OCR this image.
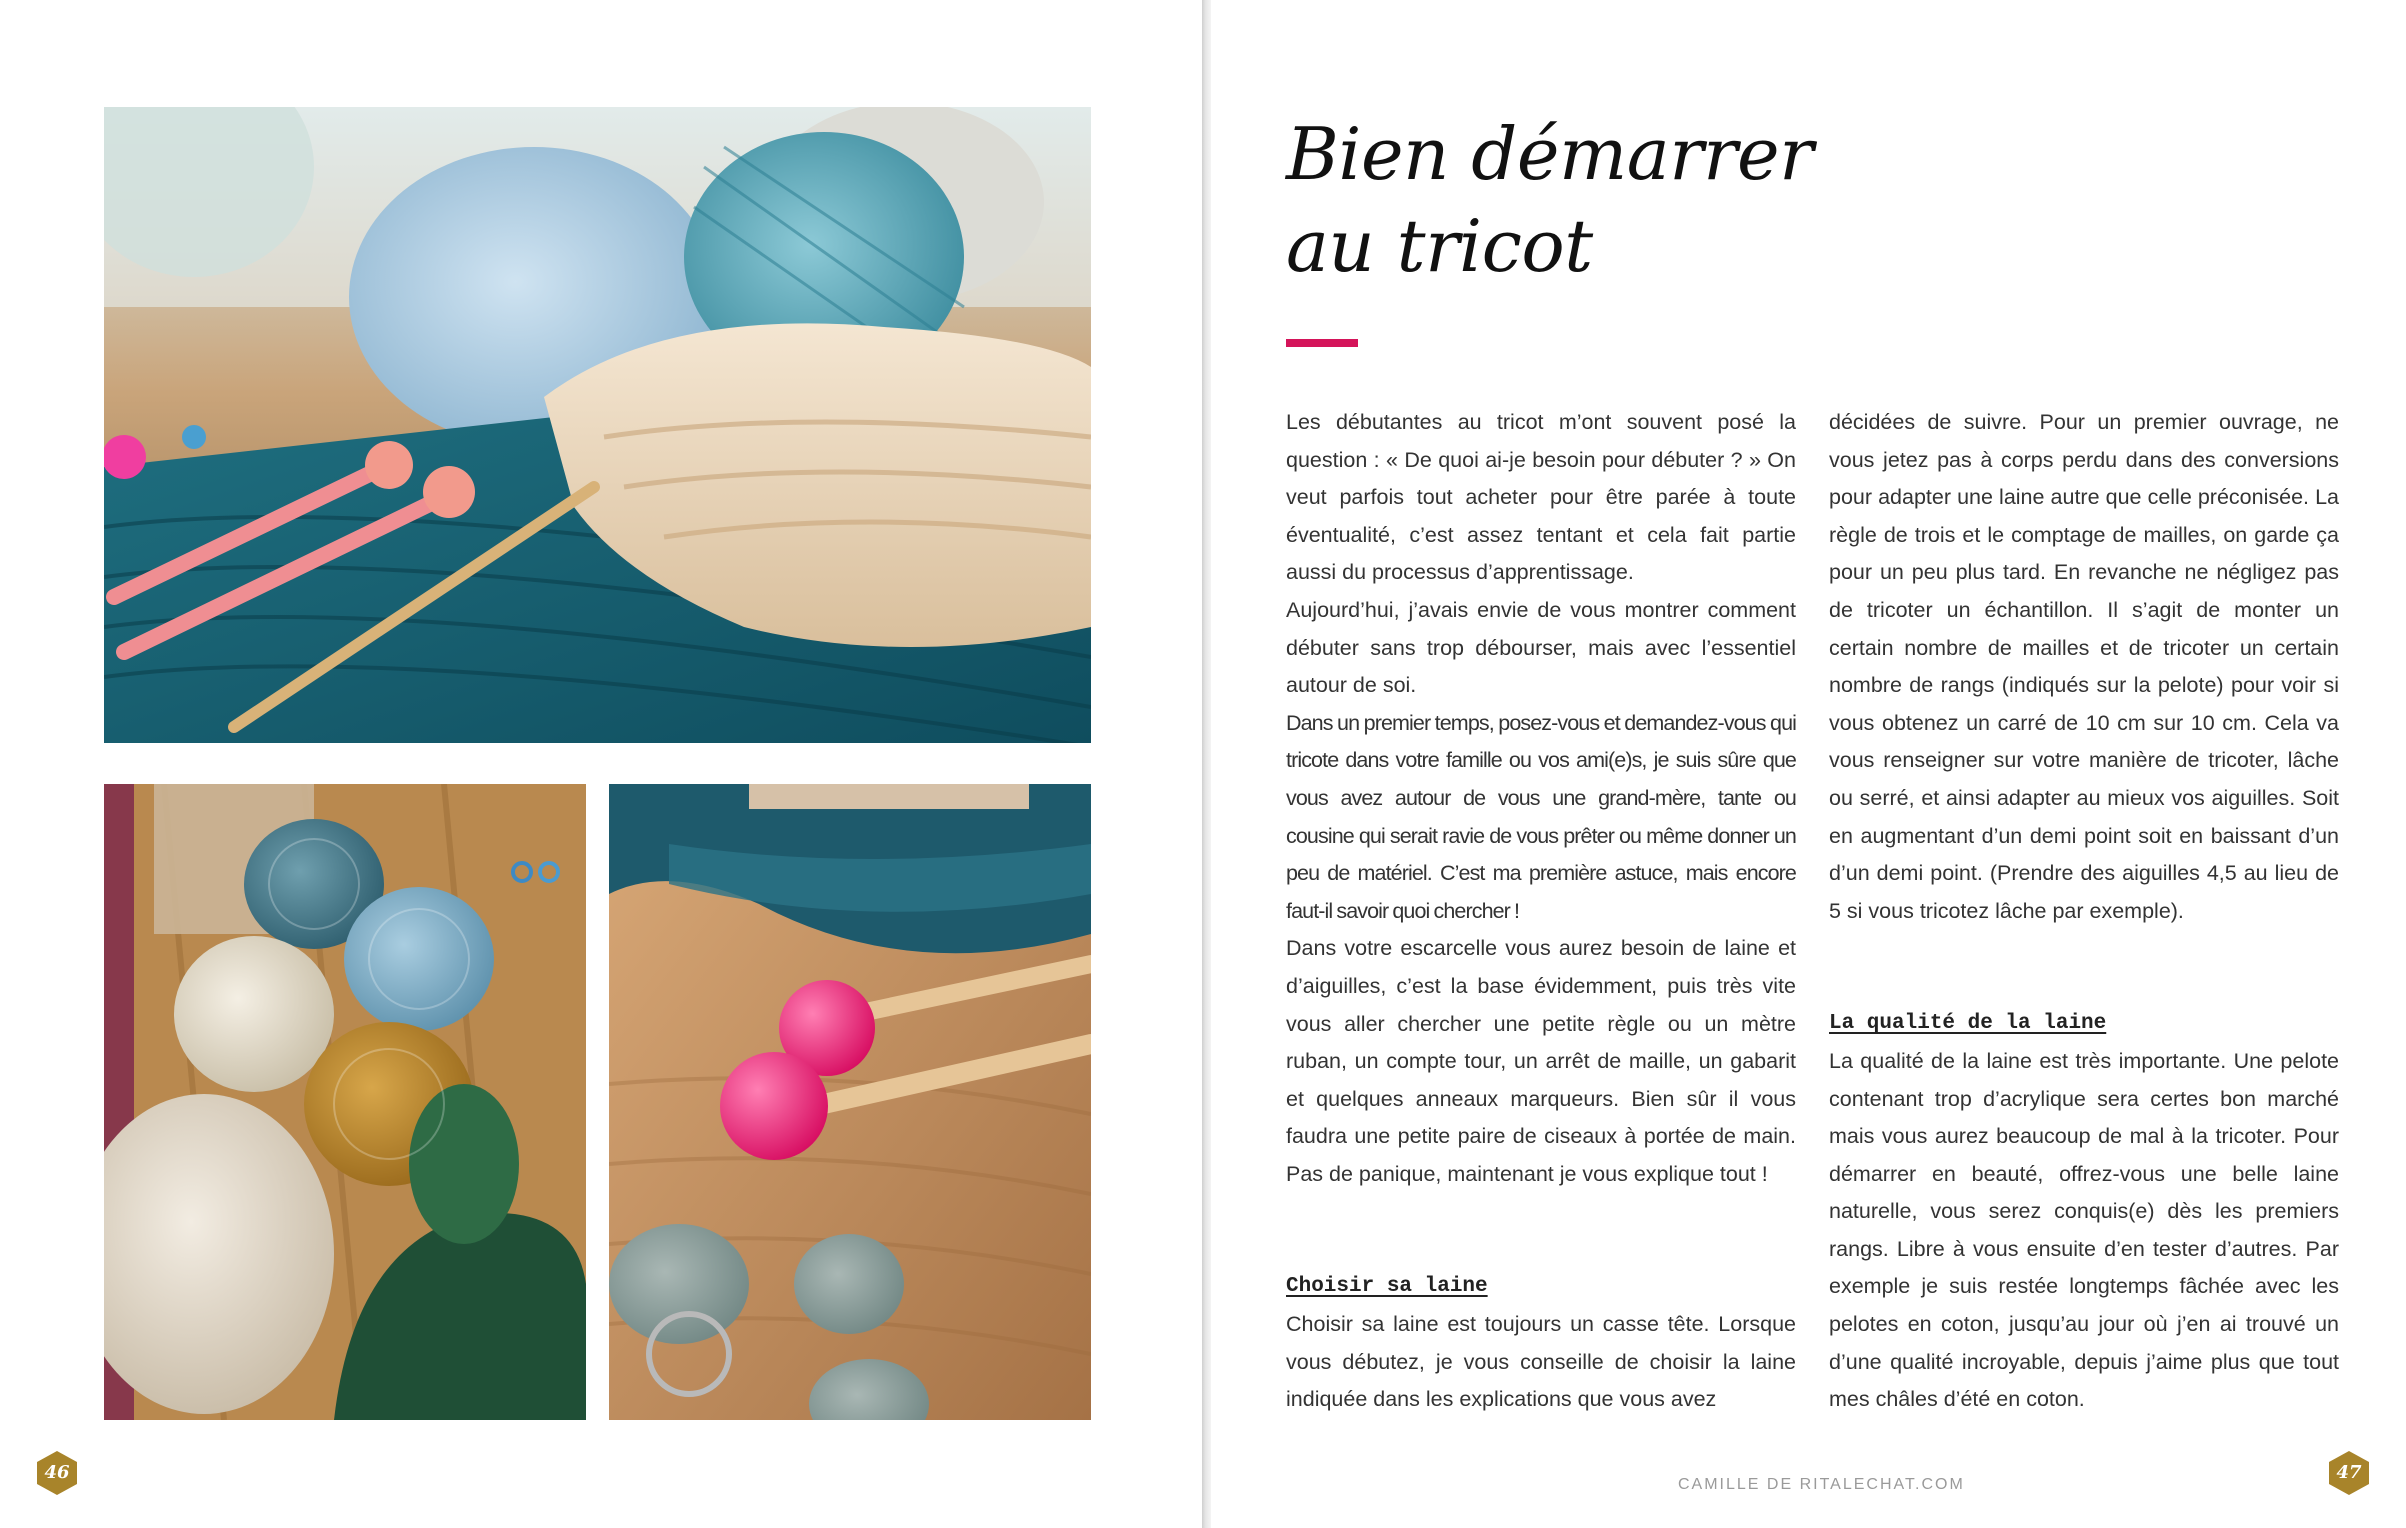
46
Bien démarrer
au tricot

Les débutantes au tricot m’ont souvent posé la question : « De quoi ai-je besoin pour débuter ? » On veut parfois tout acheter pour être parée à toute éventualité, c’est assez tentant et cela fait partie aussi du processus d’apprentissage.

Aujourd’hui, j’avais envie de vous montrer comment débuter sans trop débourser, mais avec l’essentiel autour de soi.

Dans un premier temps, posez-vous et demandez-vous qui tricote dans votre famille ou vos ami(e)s, je suis sûre que vous avez autour de vous une grand-mère, tante ou cousine qui serait ravie de vous prêter ou même donner un peu de matériel. C’est ma première astuce, mais encore faut-il savoir quoi chercher !

Dans votre escarcelle vous aurez besoin de laine et d’aiguilles, c’est la base évidemment, puis très vite vous aller chercher une petite règle ou un mètre ruban, un compte tour, un arrêt de maille, un gabarit et quelques anneaux marqueurs. Bien sûr il vous faudra une petite paire de ciseaux à portée de main. Pas de panique, maintenant je vous explique tout !

Choisir sa laine

Choisir sa laine est toujours un casse tête. Lorsque vous débutez, je vous conseille de choisir la laine indiquée dans les explications que vous avez

décidées de suivre. Pour un premier ouvrage, ne vous jetez pas à corps perdu dans des conversions pour adapter une laine autre que celle préconisée. La règle de trois et le comptage de mailles, on garde ça pour un peu plus tard. En revanche ne négligez pas de tricoter un échantillon. Il s’agit de monter un certain nombre de mailles et de tricoter un certain nombre de rangs (indiqués sur la pelote) pour voir si vous obtenez un carré de 10 cm sur 10 cm. Cela va vous renseigner sur votre manière de tricoter, lâche ou serré, et ainsi adapter au mieux vos aiguilles. Soit en augmentant d’un demi point soit en baissant d’un d’un demi point. (Prendre des aiguilles 4,5 au lieu de 5 si vous tricotez lâche par exemple).

La qualité de la laine

La qualité de la laine est très importante. Une pelote contenant trop d’acrylique sera certes bon marché mais vous aurez beaucoup de mal à la tricoter. Pour démarrer en beauté, offrez-vous une belle laine naturelle, vous serez conquis(e) dès les premiers rangs. Libre à vous ensuite d’en tester d’autres. Par exemple je suis restée longtemps fâchée avec les pelotes en coton, jusqu’au jour où j’en ai trouvé un d’une qualité incroyable, depuis j’aime plus que tout mes châles d’été en coton.

CAMILLE DE RITALECHAT.COM
47
